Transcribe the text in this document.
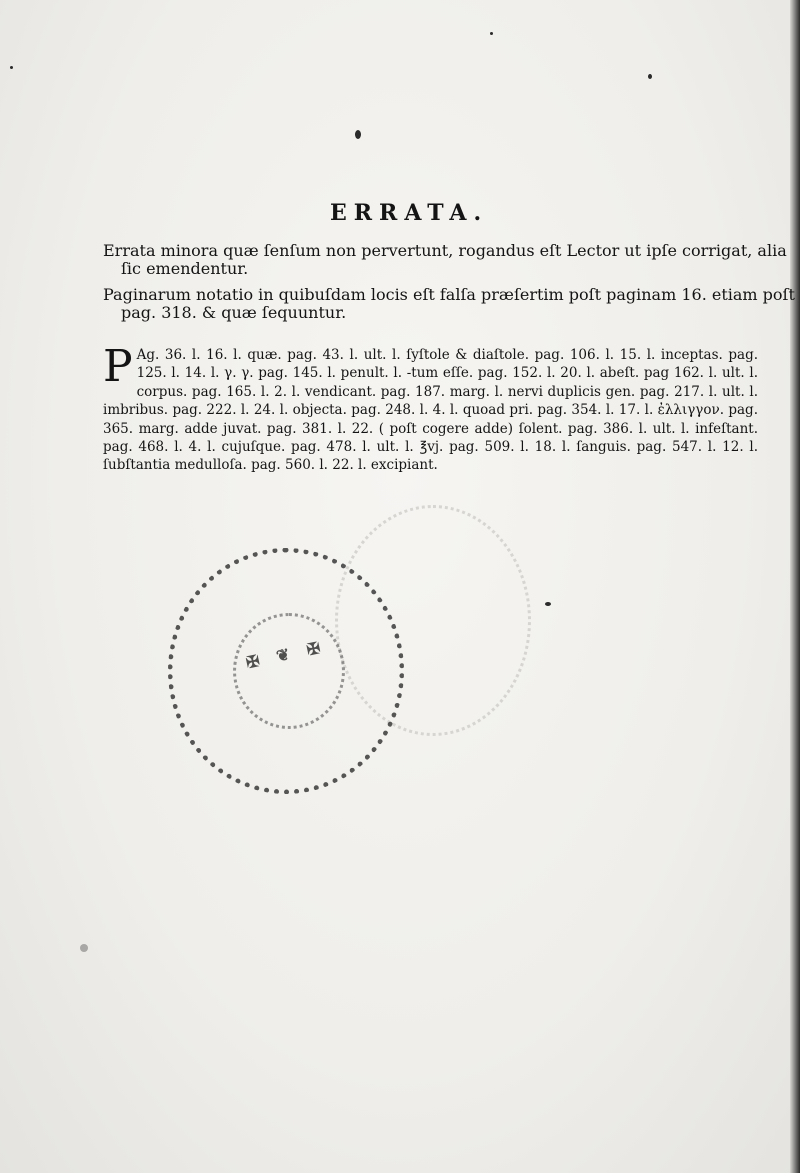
ERRATA.

Errata minora quæ ſenſum non pervertunt, rogandus eſt Lector ut ipſe corrigat, alia ſic emendentur.

Paginarum notatio in quibuſdam locis eſt falſa præſertim poſt paginam 16. etiam poſt pag. 318. & quæ ſequuntur.

P Ag. 36. l. 16. l. quæ. pag. 43. l. ult. l. ſyſtole & diaſtole. pag. 106. l. 15. l. inceptas. pag. 125. l. 14. l. γ. γ. pag. 145. l. penult. l. -tum eſſe. pag. 152. l. 20. l. abeſt. pag 162. l. ult. l. corpus. pag. 165. l. 2. l. vendicant. pag. 187. marg. l. nervi duplicis gen. pag. 217. l. ult. l. imbribus. pag. 222. l. 24. l. objecta. pag. 248. l. 4. l. quoad pri. pag. 354. l. 17. l. ἐλλιγγον. pag. 365. marg. adde juvat. pag. 381. l. 22. ( poſt cogere adde) ſolent. pag. 386. l. ult. l. infeſtant. pag. 468. l. 4. l. cujuſque. pag. 478. l. ult. l. ℥vj. pag. 509. l. 18. l. ſanguis. pag. 547. l. 12. l. ſubſtantia medulloſa. pag. 560. l. 22. l. excipiant.
✠ ❦ ✠
